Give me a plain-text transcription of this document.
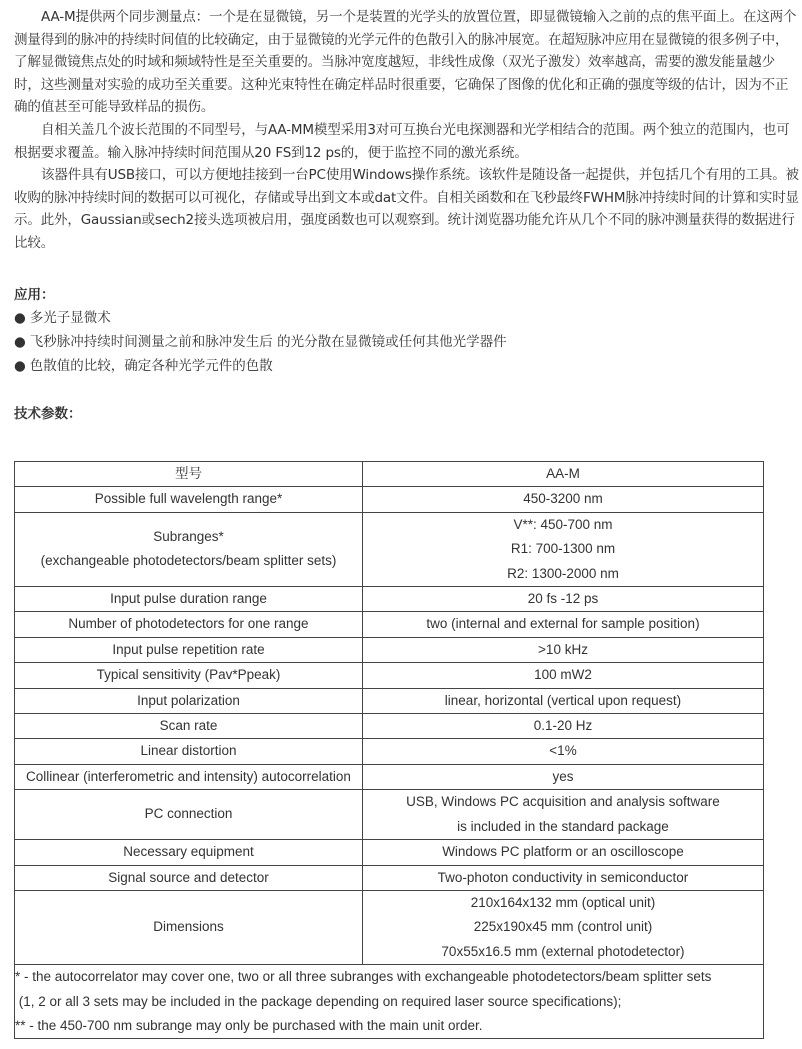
AA-M提供两个同步测量点：一个是在显微镜，另一个是装置的光学头的放置位置，即显微镜输入之前的点的焦平面上。在这两个测量得到的脉冲的持续时间值的比较确定，由于显微镜的光学元件的色散引入的脉冲展宽。在超短脉冲应用在显微镜的很多例子中，了解显微镜焦点处的时域和频域特性是至关重要的。当脉冲宽度越短，非线性成像（双光子激发）效率越高，需要的激发能量越少时，这些测量对实验的成功至关重要。这种光束特性在确定样品时很重要，它确保了图像的优化和正确的强度等级的估计，因为不正确的值甚至可能导致样品的损伤。

自相关盖几个波长范围的不同型号，与AA-MM模型采用3对可互换台光电探测器和光学相结合的范围。两个独立的范围内，也可根据要求覆盖。输入脉冲持续时间范围从20 FS到12 ps的，便于监控不同的激光系统。

该器件具有USB接口，可以方便地挂接到一台PC使用Windows操作系统。该软件是随设备一起提供，并包括几个有用的工具。被收购的脉冲持续时间的数据可以可视化，存储或导出到文本或dat文件。自相关函数和在飞秒最终FWHM脉冲持续时间的计算和实时显示。此外，Gaussian或sech2接头选项被启用，强度函数也可以观察到。统计浏览器功能允许从几个不同的脉冲测量获得的数据进行比较。

应用：

● 多光子显微术
● 飞秒脉冲持续时间测量之前和脉冲发生后 的光分散在显微镜或任何其他光学器件
● 色散值的比较，确定各种光学元件的色散

技术参数：

型号	AA-M

Possible full wavelength range*	450-3200 nm

Subranges*
(exchangeable photodetectors/beam splitter sets)	V**: 450-700 nm
R1: 700-1300 nm
R2: 1300-2000 nm

Input pulse duration range	20 fs -12 ps

Number of photodetectors for one range	two (internal and external for sample position)

Input pulse repetition rate	>10 kHz

Typical sensitivity (Pav*Ppeak)	100 mW2

Input polarization	linear, horizontal (vertical upon request)

Scan rate	0.1-20 Hz

Linear distortion	<1%

Collinear (interferometric and intensity) autocorrelation	yes

PC connection	USB, Windows PC acquisition and analysis software
is included in the standard package

Necessary equipment	Windows PC platform or an oscilloscope

Signal source and detector	Two-photon conductivity in semiconductor

Dimensions	210x164x132 mm (optical unit)
225x190x45 mm (control unit)
70x55x16.5 mm (external photodetector)

* - the autocorrelator may cover one, two or all three subranges with exchangeable photodetectors/beam splitter sets
(1, 2 or all 3 sets may be included in the package depending on required laser source specifications);
** - the 450-700 nm subrange may only be purchased with the main unit order.	
